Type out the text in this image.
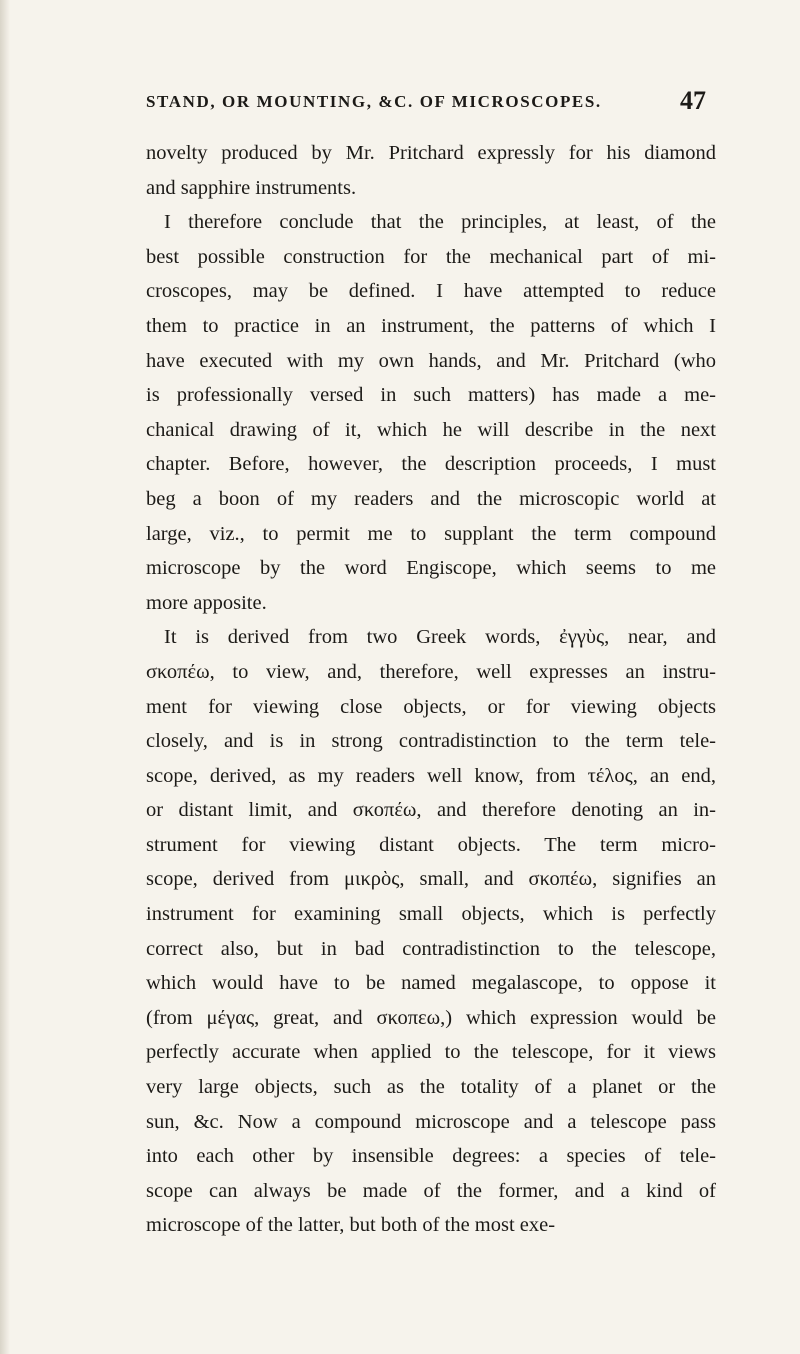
STAND, OR MOUNTING, &C. OF MICROSCOPES.	47
novelty produced by Mr. Pritchard expressly for his diamond
and sapphire instruments.
I therefore conclude that the principles, at least, of the
best possible construction for the mechanical part of mi-
croscopes, may be defined. I have attempted to reduce
them to practice in an instrument, the patterns of which I
have executed with my own hands, and Mr. Pritchard (who
is professionally versed in such matters) has made a me-
chanical drawing of it, which he will describe in the next
chapter. Before, however, the description proceeds, I must
beg a boon of my readers and the microscopic world at
large, viz., to permit me to supplant the term compound
microscope by the word Engiscope, which seems to me
more apposite.
It is derived from two Greek words, ἐγγὺς, near, and
σκοπέω, to view, and, therefore, well expresses an instru-
ment for viewing close objects, or for viewing objects
closely, and is in strong contradistinction to the term tele-
scope, derived, as my readers well know, from τέλος, an end,
or distant limit, and σκοπέω, and therefore denoting an in-
strument for viewing distant objects. The term micro-
scope, derived from μικρὸς, small, and σκοπέω, signifies an
instrument for examining small objects, which is perfectly
correct also, but in bad contradistinction to the telescope,
which would have to be named megalascope, to oppose it
(from μέγας, great, and σκοπεω,) which expression would be
perfectly accurate when applied to the telescope, for it views
very large objects, such as the totality of a planet or the
sun, &c. Now a compound microscope and a telescope pass
into each other by insensible degrees: a species of tele-
scope can always be made of the former, and a kind of
microscope of the latter, but both of the most exe-
